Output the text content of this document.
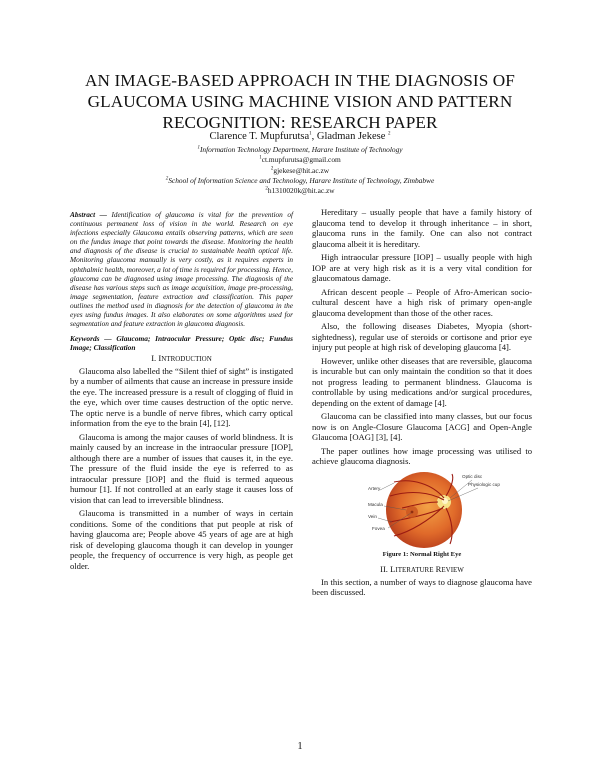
AN IMAGE-BASED APPROACH IN THE DIAGNOSIS OF
GLAUCOMA USING MACHINE VISION AND PATTERN
RECOGNITION: RESEARCH PAPER
Clarence T. Mupfurutsa$^1$, Gladman Jekese $^2$
$^1$Information Technology Department, Harare Institute of Technology
$^1$ct.mupfurutsa@gmail.com
$^2$gjekese@hit.ac.zw
$^2$School of Information Science and Technology, Harare Institute of Technology, Zimbabwe
$^2$h1310020k@hit.ac.zw

Abstract — Identification of glaucoma is vital for the prevention of continuous permanent loss of vision in the world. Research on eye infections especially Glaucoma entails observing patterns, which are seen on the fundus image that point towards the disease. Monitoring the health and diagnosis of the disease is crucial to sustainable health optical life. Monitoring glaucoma manually is very costly, as it requires experts in ophthalmic health, moreover, a lot of time is required for processing. Hence, glaucoma can be diagnosed using image processing. The diagnosis of the disease has various steps such as image acquisition, image pre-processing, image segmentation, feature extraction and classification. This paper outlines the method used in diagnosis for the detection of glaucoma in the eyes using fundus images. It also elaborates on some algorithms used for segmentation and feature extraction in glaucoma diagnosis.

Keywords — Glaucoma; Intraocular Pressure; Optic disc; Fundus Image; Classification

I. INTRODUCTION

Glaucoma also labelled the “Silent thief of sight” is instigated by a number of ailments that cause an increase in pressure inside the eye. The increased pressure is a result of clogging of fluid in the eye, which over time causes destruction of the optic nerve. The optic nerve is a bundle of nerve fibres, which carry optical information from the eye to the brain [4], [12].

Glaucoma is among the major causes of world blindness. It is mainly caused by an increase in the intraocular pressure [IOP], although there are a number of issues that causes it, in the eye. The pressure of the fluid inside the eye is referred to as intraocular pressure [IOP] and the fluid is termed aqueous humour [1]. If not controlled at an early stage it causes loss of vision that can lead to irreversible blindness.

Glaucoma is transmitted in a number of ways in certain conditions. Some of the conditions that put people at risk of having glaucoma are; People above 45 years of age are at high risk of developing glaucoma though it can develop in younger people, the frequency of occurrence is very high, as people get older.

Hereditary – usually people that have a family history of glaucoma tend to develop it through inheritance – in short, glaucoma runs in the family. One can also not contract glaucoma albeit it is hereditary.

High intraocular pressure [IOP] – usually people with high IOP are at very high risk as it is a very vital condition for glaucomatous damage.

African descent people – People of Afro-American socio-cultural descent have a high risk of primary open-angle glaucoma development than those of the other races.

Also, the following diseases Diabetes, Myopia (short-sightedness), regular use of steroids or cortisone and prior eye injury put people at high risk of developing glaucoma [4].

However, unlike other diseases that are reversible, glaucoma is incurable but can only maintain the condition so that it does not progress leading to permanent blindness. Glaucoma is controllable by using medications and/or surgical procedures, depending on the extent of damage [4].

Glaucoma can be classified into many classes, but our focus now is on Angle-Closure Glaucoma [ACG] and Open-Angle Glaucoma [OAG] [3], [4].

The paper outlines how image processing was utilised to achieve glaucoma diagnosis.

Optic disc
Physiologic cup
Artery
Vein
Macula
Fovea

Figure 1: Normal Right Eye

II. LITERATURE REVIEW

In this section, a number of ways to diagnose glaucoma have been discussed.

1
